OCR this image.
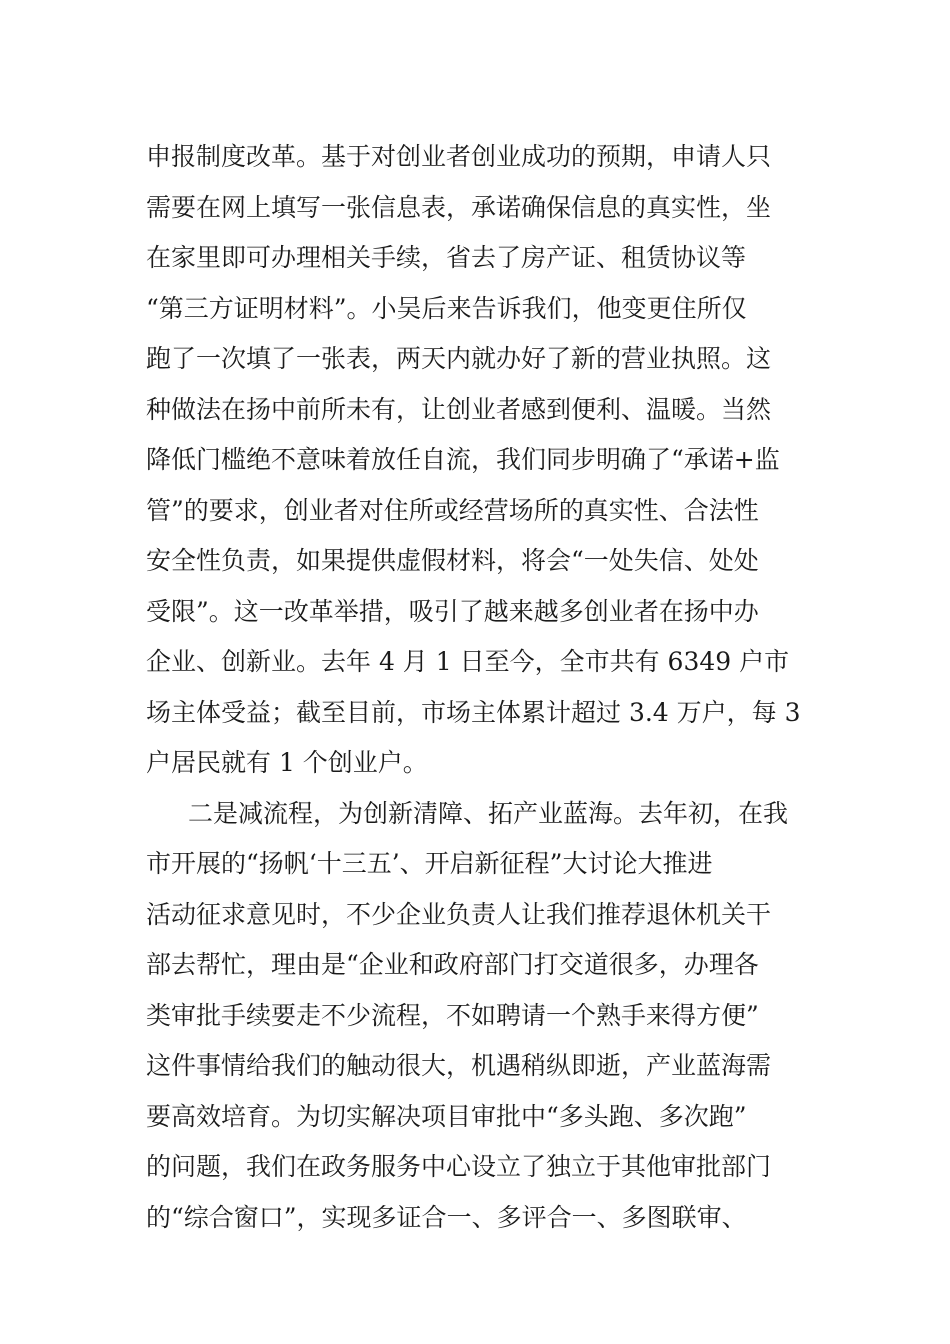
申报制度改革。基于对创业者创业成功的预期，申请人只
需要在网上填写一张信息表，承诺确保信息的真实性，坐
在家里即可办理相关手续，省去了房产证、租赁协议等
“第三方证明材料”。小吴后来告诉我们，他变更住所仅
跑了一次填了一张表，两天内就办好了新的营业执照。这
种做法在扬中前所未有，让创业者感到便利、温暖。当然
降低门槛绝不意味着放任自流，我们同步明确了“承诺+监
管”的要求，创业者对住所或经营场所的真实性、合法性
安全性负责，如果提供虚假材料，将会“一处失信、处处
受限”。这一改革举措，吸引了越来越多创业者在扬中办
企业、创新业。去年 4 月 1 日至今，全市共有 6349 户市
场主体受益；截至目前，市场主体累计超过 3.4 万户，每 3
户居民就有 1 个创业户。
二是减流程，为创新清障、拓产业蓝海。去年初，在我
市开展的“扬帆‘十三五’、开启新征程”大讨论大推进
活动征求意见时，不少企业负责人让我们推荐退休机关干
部去帮忙，理由是“企业和政府部门打交道很多，办理各
类审批手续要走不少流程，不如聘请一个熟手来得方便”
这件事情给我们的触动很大，机遇稍纵即逝，产业蓝海需
要高效培育。为切实解决项目审批中“多头跑、多次跑”
的问题，我们在政务服务中心设立了独立于其他审批部门
的“综合窗口”，实现多证合一、多评合一、多图联审、
